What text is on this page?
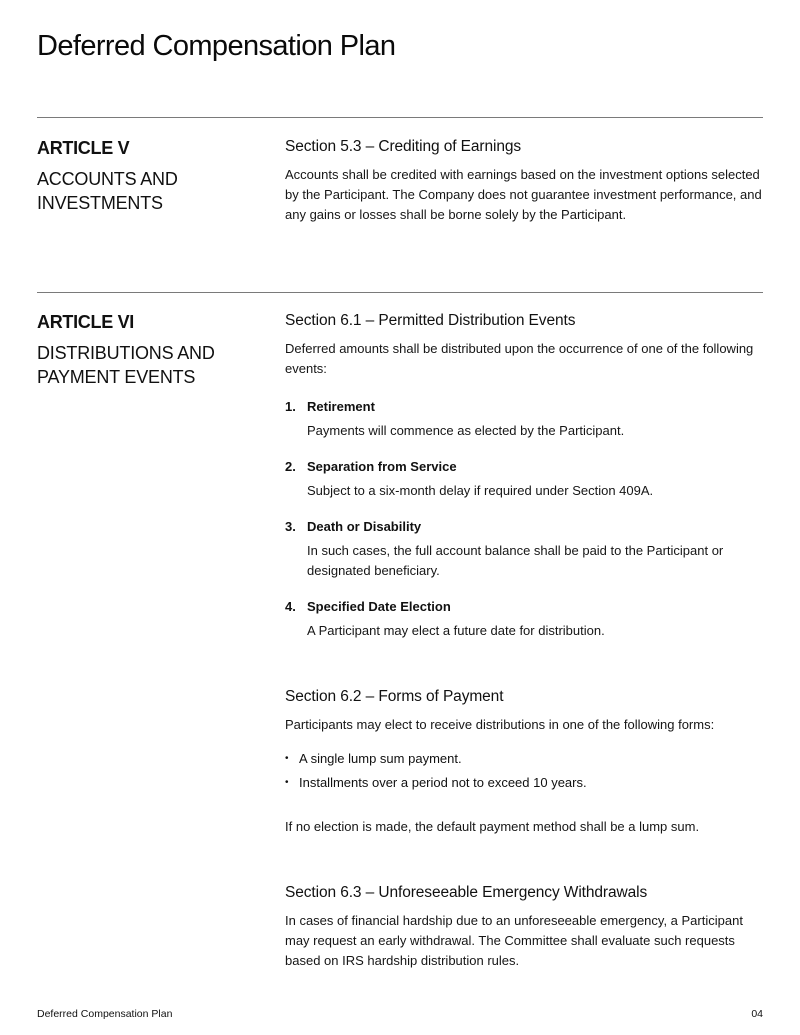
Deferred Compensation Plan
ARTICLE V
ACCOUNTS AND INVESTMENTS
Section 5.3 – Crediting of Earnings

Accounts shall be credited with earnings based on the investment options selected by the Participant. The Company does not guarantee investment performance, and any gains or losses shall be borne solely by the Participant.

ARTICLE VI
DISTRIBUTIONS AND PAYMENT EVENTS
Section 6.1 – Permitted Distribution Events

Deferred amounts shall be distributed upon the occurrence of one of the following events:

1. Retirement
Payments will commence as elected by the Participant.
2. Separation from Service
Subject to a six-month delay if required under Section 409A.
3. Death or Disability
In such cases, the full account balance shall be paid to the Participant or designated beneficiary.
4. Specified Date Election
A Participant may elect a future date for distribution.
Section 6.2 – Forms of Payment

Participants may elect to receive distributions in one of the following forms:

• A single lump sum payment.
• Installments over a period not to exceed 10 years.

If no election is made, the default payment method shall be a lump sum.

Section 6.3 – Unforeseeable Emergency Withdrawals

In cases of financial hardship due to an unforeseeable emergency, a Participant may request an early withdrawal. The Committee shall evaluate such requests based on IRS hardship distribution rules.

Deferred Compensation Plan	04
